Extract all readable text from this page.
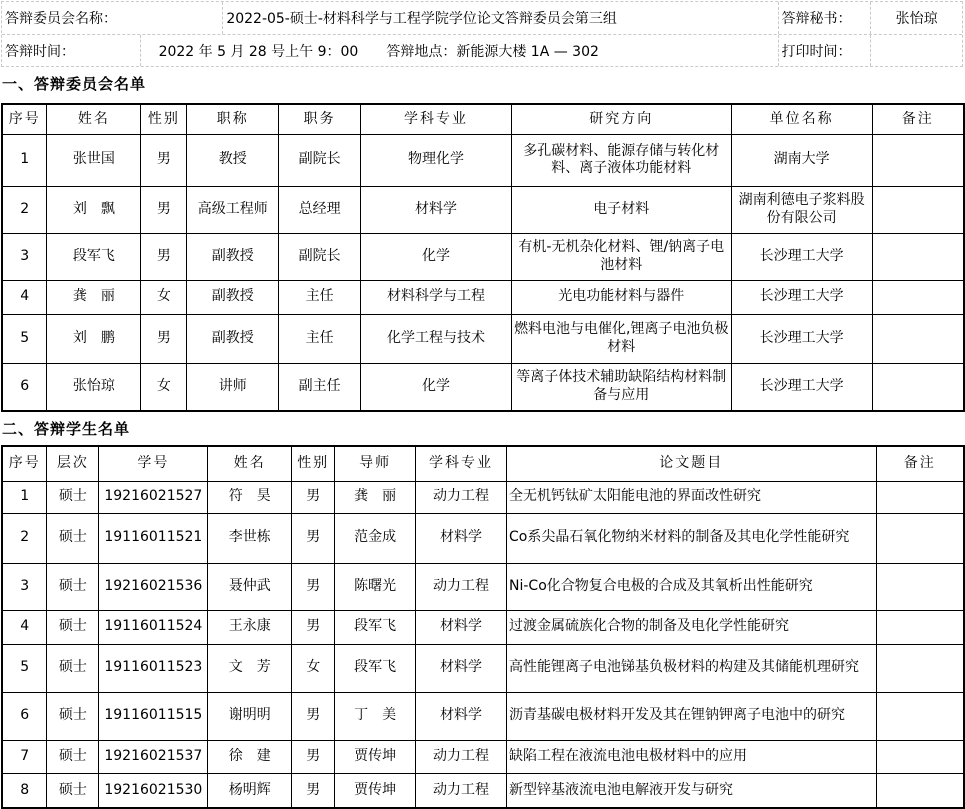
答辩委员会名称：	2022-05-硕士-材料科学与工程学院学位论文答辩委员会第三组	答辩秘书：	张怡琼
答辩时间：	2022 年 5 月 28 号上午 9：00 答辩地点： 新能源大楼 1A — 302	打印时间：
一、答辩委员会名单
序号	姓名	性别	职称	职务	学科专业	研究方向	单位名称	备注
1	张世国	男	教授	副院长	物理化学	多孔碳材料、能源存储与转化材料、离子液体功能材料	湖南大学	
2	刘　飘	男	高级工程师	总经理	材料学	电子材料	湖南利德电子浆料股份有限公司	
3	段军飞	男	副教授	副院长	化学	有机-无机杂化材料、锂/钠离子电池材料	长沙理工大学	
4	龚　丽	女	副教授	主任	材料科学与工程	光电功能材料与器件	长沙理工大学	
5	刘　鹏	男	副教授	主任	化学工程与技术	燃料电池与电催化,锂离子电池负极材料	长沙理工大学	
6	张怡琼	女	讲师	副主任	化学	等离子体技术辅助缺陷结构材料制备与应用	长沙理工大学	
二、答辩学生名单
序号	层次	学号	姓名	性别	导师	学科专业	论文题目	备注
1	硕士	19216021527	符　昊	男	龚　丽	动力工程	全无机钙钛矿太阳能电池的界面改性研究	
2	硕士	19116011521	李世栋	男	范金成	材料学	Co系尖晶石氧化物纳米材料的制备及其电化学性能研究	
3	硕士	19216021536	聂仲武	男	陈曙光	动力工程	Ni-Co化合物复合电极的合成及其氧析出性能研究	
4	硕士	19116011524	王永康	男	段军飞	材料学	过渡金属硫族化合物的制备及电化学性能研究	
5	硕士	19116011523	文　芳	女	段军飞	材料学	高性能锂离子电池锑基负极材料的构建及其储能机理研究	
6	硕士	19116011515	谢明明	男	丁　美	材料学	沥青基碳电极材料开发及其在锂钠钾离子电池中的研究	
7	硕士	19216021537	徐　建	男	贾传坤	动力工程	缺陷工程在液流电池电极材料中的应用	
8	硕士	19216021530	杨明辉	男	贾传坤	动力工程	新型锌基液流电池电解液开发与研究	
